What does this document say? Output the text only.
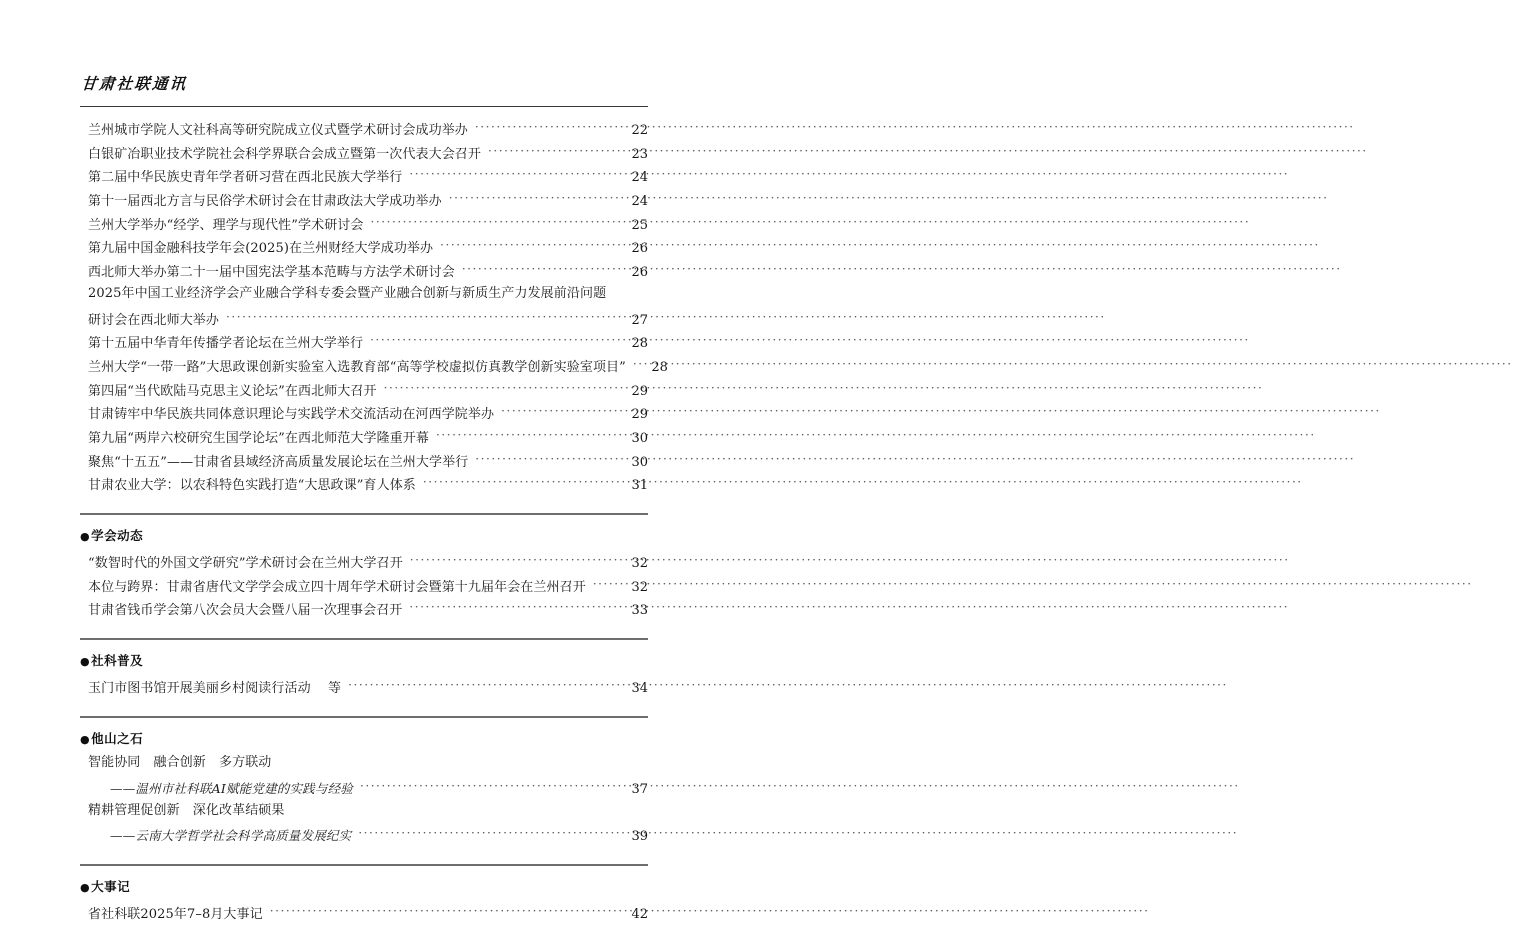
甘肃社联通讯
兰州城市学院人文社科高等研究院成立仪式暨学术研讨会成功举办 ·····	22
白银矿冶职业技术学院社会科学界联合会成立暨第一次代表大会召开 ·····	23
第二届中华民族史青年学者研习营在西北民族大学举行 ·····	24
第十一届西北方言与民俗学术研讨会在甘肃政法大学成功举办 ·····	24
兰州大学举办“经学、理学与现代性”学术研讨会 ·····	25
第九届中国金融科技学年会(2025)在兰州财经大学成功举办 ·····	26
西北师大举办第二十一届中国宪法学基本范畴与方法学术研讨会 ·····	26
2025年中国工业经济学会产业融合学科专委会暨产业融合创新与新质生产力发展前沿问题
研讨会在西北师大举办 ·····	27
第十五届中华青年传播学者论坛在兰州大学举行 ·····	28
兰州大学“一带一路”大思政课创新实验室入选教育部“高等学校虚拟仿真教学创新实验室项目” ·····	28
第四届“当代欧陆马克思主义论坛”在西北师大召开 ·····	29
甘肃铸牢中华民族共同体意识理论与实践学术交流活动在河西学院举办 ·····	29
第九届“两岸六校研究生国学论坛”在西北师范大学隆重开幕 ·····	30
聚焦“十五五”——甘肃省县域经济高质量发展论坛在兰州大学举行 ·····	30
甘肃农业大学：以农科特色实践打造“大思政课”育人体系 ·····	31
●学会动态
“数智时代的外国文学研究”学术研讨会在兰州大学召开 ·····	32
本位与跨界：甘肃省唐代文学学会成立四十周年学术研讨会暨第十九届年会在兰州召开 ·····	32
甘肃省钱币学会第八次会员大会暨八届一次理事会召开 ·····	33
●社科普及
玉门市图书馆开展美丽乡村阅读行活动　 等 ·····	34
●他山之石
智能协同　融合创新　多方联动
——温州市社科联AI赋能党建的实践与经验 ·····	37
精耕管理促创新　深化改革结硕果
——云南大学哲学社会科学高质量发展纪实 ·····	39
●大事记
省社科联2025年7–8月大事记 ·····	42
